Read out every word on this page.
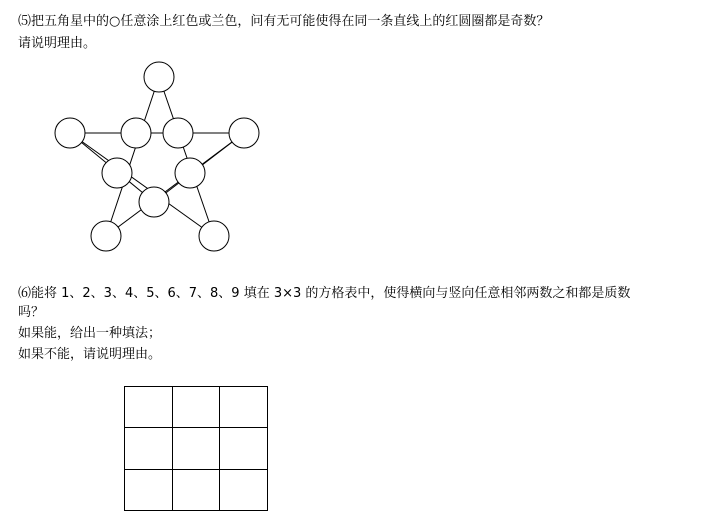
⑸把五角星中的○任意涂上红色或兰色，问有无可能使得在同一条直线上的红圆圈都是奇数？
请说明理由。
⑹能将 1、2、3、4、5、6、7、8、9 填在 3×3 的方格表中，使得横向与竖向任意相邻两数之和都是质数
吗？
如果能，给出一种填法；
如果不能，请说明理由。
